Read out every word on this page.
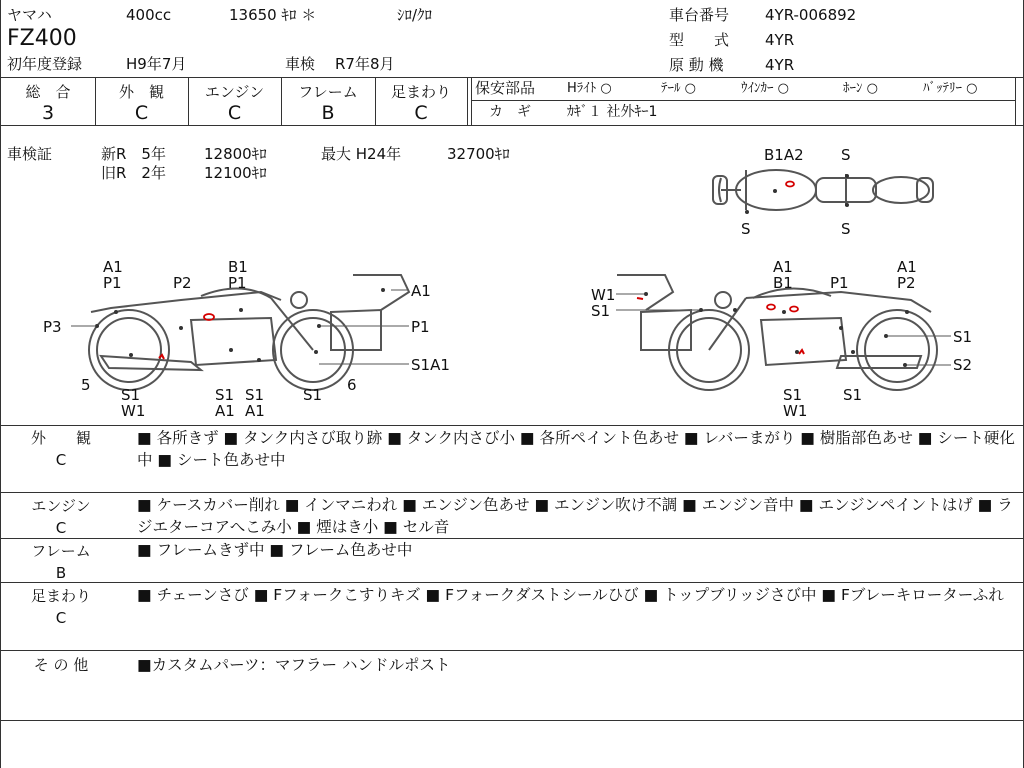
ヤマハ	400cc	13650 ｷﾛ ＊	ｼﾛ/ｸﾛ
FZ400
初年度登録	H9年7月	車検 R7年8月
車台番号 4YR-006892
型　　式 4YR
原 動 機	4YR
総　合
3
外　観
C
エンジン
C
フレーム
B
足まわり
C
保安部品 Hﾗｲﾄ ○	ﾃｰﾙ ○	ｳｲﾝｶｰ ○	ﾎｰﾝ ○	ﾊﾞｯﾃﾘｰ ○
カ　ギ	ｶｷﾞ１ 社外ｷｰ1
車検証	新R　5年	12800ｷﾛ	最大 H24年	32700ｷﾛ
旧R　2年	12100ｷﾛ
B1A2 S
S	S
A1
P1	P2
B1
P1	A1
P3	P1
S1A1
5	6
S1
W1
S1
A1
S1
A1
S1
A1
B1 P1
A1
P2
W1
S1
S1
S2
S1
W1
S1
外　　観
C
■ 各所きず ■ タンク内さび取り跡 ■ タンク内さび小 ■ 各所ペイント色あせ ■ レバーまがり ■ 樹脂部色あせ ■ シート硬化中 ■ シート色あせ中
エンジン
C
■ ケースカバー削れ ■ インマニわれ ■ エンジン色あせ ■ エンジン吹け不調 ■ エンジン音中 ■ エンジンペイントはげ ■ ラジエターコアへこみ小 ■ 煙はき小 ■ セル音
フレーム
B
■ フレームきず中 ■ フレーム色あせ中
足まわり
C
■ チェーンさび ■ Fフォークこすりキズ ■ Fフォークダストシールひび ■ トップブリッジさび中 ■ Fブレーキローターふれ
そ の 他	■カスタムパーツ：マフラー ハンドルポスト
